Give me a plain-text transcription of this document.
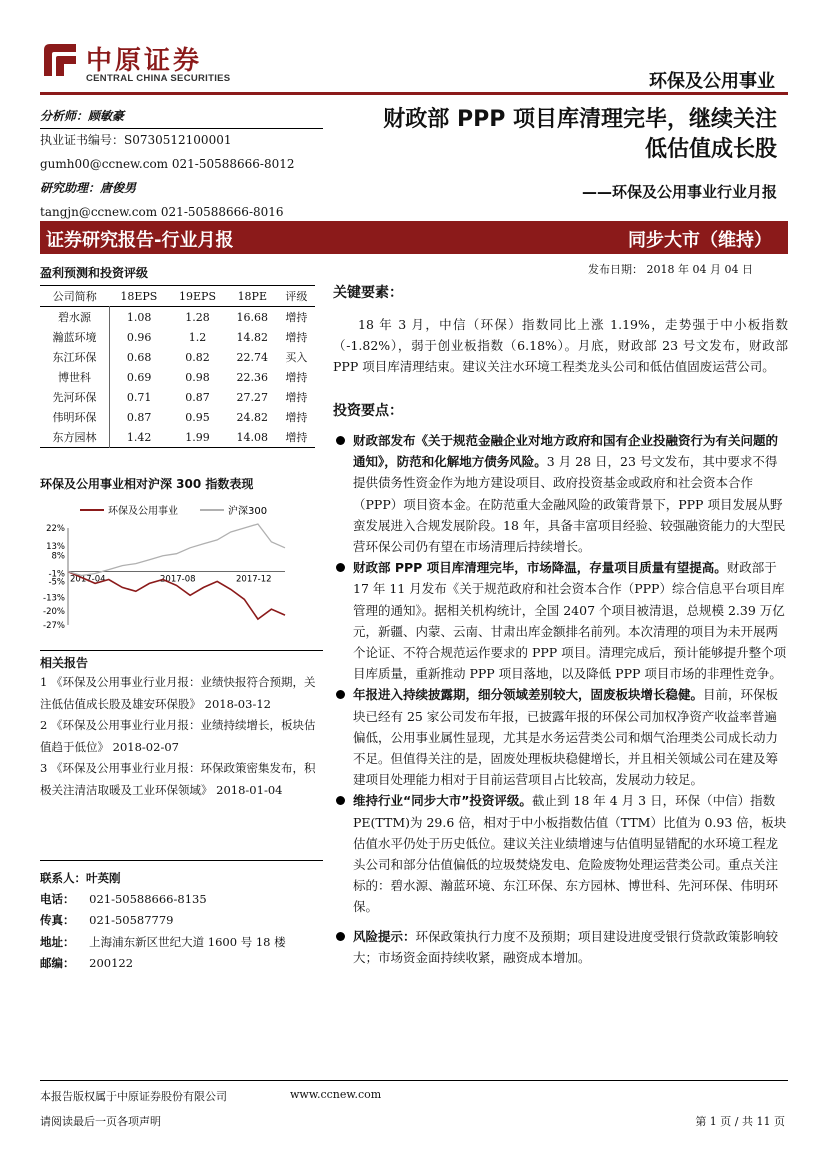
中原证券
CENTRAL CHINA SECURITIES	环保及公用事业
分析师：顾敏豪
执业证书编号：S0730512100001
gumh00@ccnew.com 021-50588666-8012
研究助理：唐俊男
tangjn@ccnew.com 021-50588666-8016
财政部 PPP 项目库清理完毕，继续关注
低估值成长股
——环保及公用事业行业月报
证券研究报告-行业月报	同步大市（维持）
发布日期： 2018 年 04 月 04 日
盈利预测和投资评级
公司简称	18EPS	19EPS	18PE	评级
碧水源	1.08	1.28	16.68	增持
瀚蓝环境	0.96	1.2	14.82	增持
东江环保	0.68	0.82	22.74	买入
博世科	0.69	0.98	22.36	增持
先河环保	0.71	0.87	27.27	增持
伟明环保	0.87	0.95	24.82	增持
东方园林	1.42	1.99	14.08	增持
环保及公用事业相对沪深 300 指数表现
环保及公用事业	沪深300
22%
13%
8%
-1%
-5%
-13%
-20%
-27%
2017-04	2017-08	2017-12
相关报告
1 《环保及公用事业行业月报：业绩快报符合预期，关注低估值成长股及雄安环保股》 2018-03-12
2 《环保及公用事业行业月报：业绩持续增长，板块估值趋于低位》 2018-02-07
3 《环保及公用事业行业月报：环保政策密集发布，积极关注清洁取暖及工业环保领域》 2018-01-04
联系人：叶英刚
电话： 021-50588666-8135
传真： 021-50587779
地址： 上海浦东新区世纪大道 1600 号 18 楼
邮编： 200122
关键要素：
18 年 3 月，中信（环保）指数同比上涨 1.19%，走势强于中小板指数（-1.82%），弱于创业板指数（6.18%）。月底，财政部 23 号文发布，财政部 PPP 项目库清理结束。建议关注水环境工程类龙头公司和低估值固废运营公司。
投资要点：
财政部发布《关于规范金融企业对地方政府和国有企业投融资行为有关问题的通知》，防范和化解地方债务风险。3 月 28 日，23 号文发布，其中要求不得提供债务性资金作为地方建设项目、政府投资基金或政府和社会资本合作（PPP）项目资本金。在防范重大金融风险的政策背景下，PPP 项目发展从野蛮发展进入合规发展阶段。18 年，具备丰富项目经验、较强融资能力的大型民营环保公司仍有望在市场清理后持续增长。
财政部 PPP 项目库清理完毕，市场降温，存量项目质量有望提高。财政部于 17 年 11 月发布《关于规范政府和社会资本合作（PPP）综合信息平台项目库管理的通知》。据相关机构统计，全国 2407 个项目被清退，总规模 2.39 万亿元，新疆、内蒙、云南、甘肃出库金额排名前列。本次清理的项目为未开展两个论证、不符合规范运作要求的 PPP 项目。清理完成后，预计能够提升整个项目库质量，重新推动 PPP 项目落地，以及降低 PPP 项目市场的非理性竞争。
年报进入持续披露期，细分领域差别较大，固废板块增长稳健。目前，环保板块已经有 25 家公司发布年报，已披露年报的环保公司加权净资产收益率普遍偏低，公用事业属性显现，尤其是水务运营类公司和烟气治理类公司成长动力不足。但值得关注的是，固废处理板块稳健增长，并且相关领域公司在建及筹建项目处理能力相对于目前运营项目占比较高，发展动力较足。
维持行业“同步大市”投资评级。截止到 18 年 4 月 3 日，环保（中信）指数 PE(TTM)为 29.6 倍，相对于中小板指数估值（TTM）比值为 0.93 倍，板块估值水平仍处于历史低位。建议关注业绩增速与估值明显错配的水环境工程龙头公司和部分估值偏低的垃圾焚烧发电、危险废物处理运营类公司。重点关注标的：碧水源、瀚蓝环境、东江环保、东方园林、博世科、先河环保、伟明环保。
风险提示：环保政策执行力度不及预期；项目建设进度受银行贷款政策影响较大；市场资金面持续收紧，融资成本增加。
本报告版权属于中原证券股份有限公司	www.ccnew.com
请阅读最后一页各项声明	第 1 页 / 共 11 页
